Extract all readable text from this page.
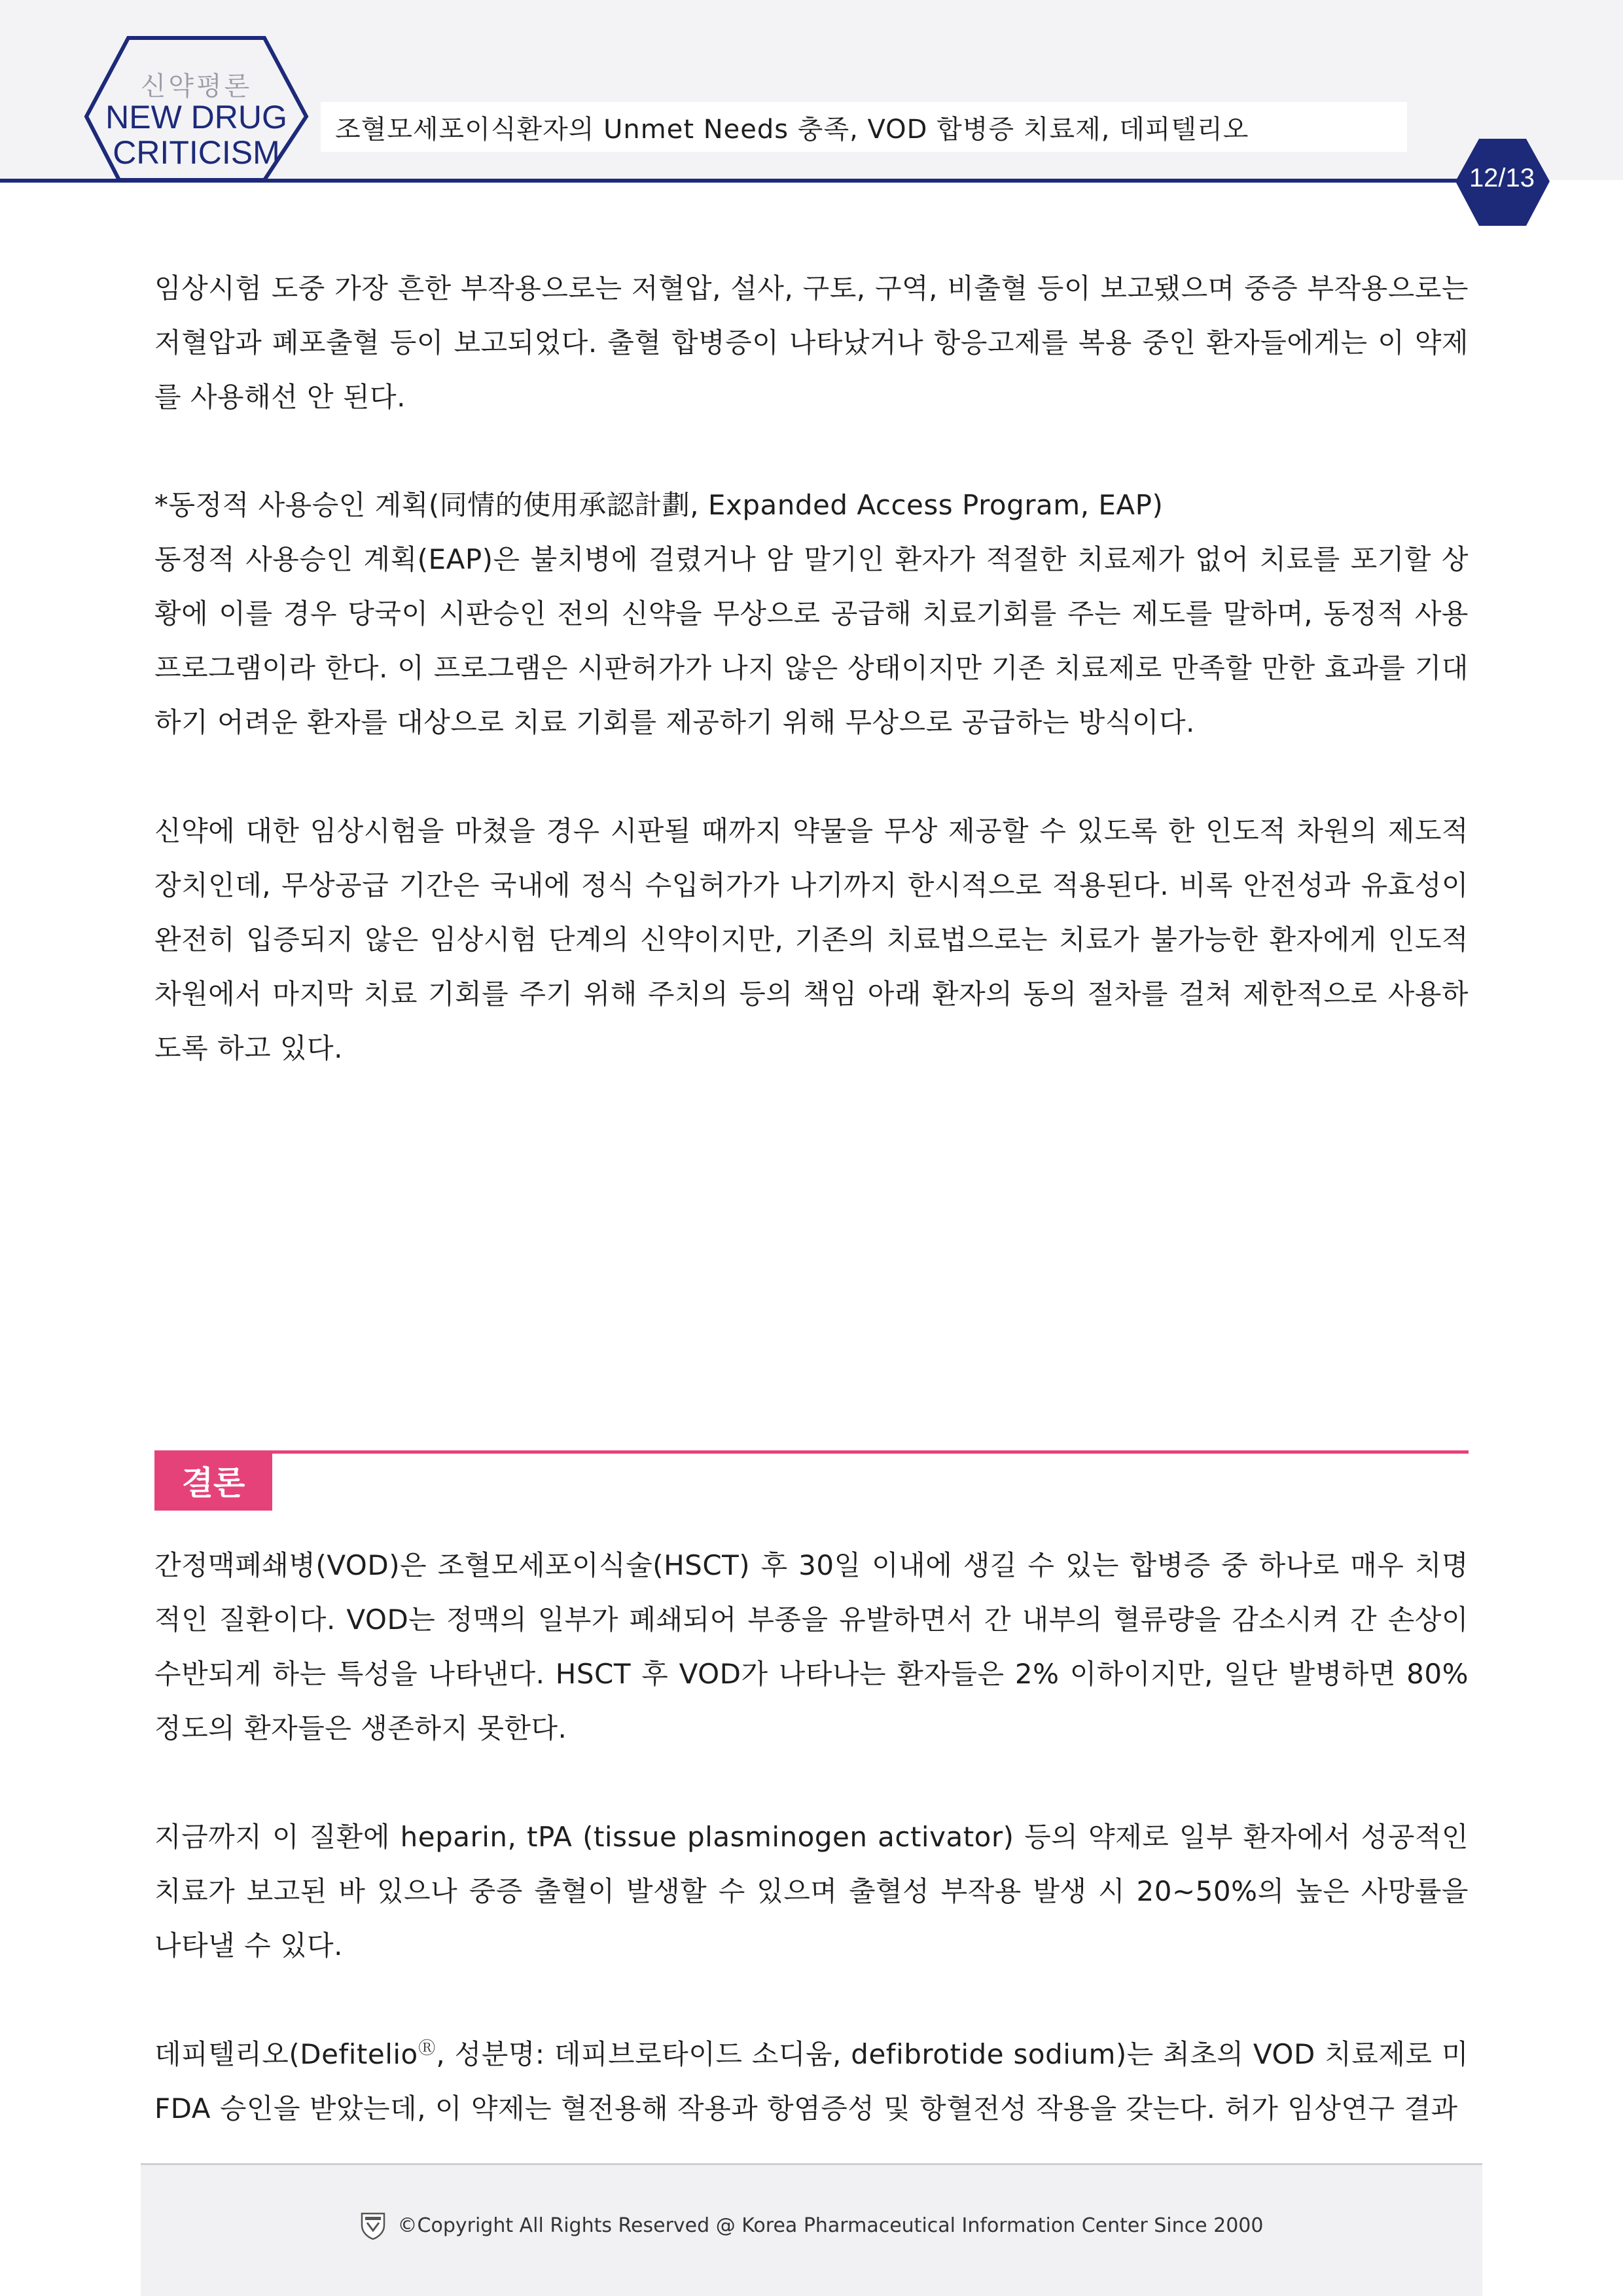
신약평론
NEW DRUG
CRITICISM
조혈모세포이식환자의 Unmet Needs 충족, VOD 합병증 치료제, 데피텔리오
12/13

임상시험 도중 가장 흔한 부작용으로는 저혈압, 설사, 구토, 구역, 비출혈 등이 보고됐으며 중증 부작용으로는 저혈압과 폐포출혈 등이 보고되었다. 출혈 합병증이 나타났거나 항응고제를 복용 중인 환자들에게는 이 약제를 사용해선 안 된다.

*동정적 사용승인 계획(同情的使用承認計劃, Expanded Access Program, EAP)

동정적 사용승인 계획(EAP)은 불치병에 걸렸거나 암 말기인 환자가 적절한 치료제가 없어 치료를 포기할 상황에 이를 경우 당국이 시판승인 전의 신약을 무상으로 공급해 치료기회를 주는 제도를 말하며, 동정적 사용 프로그램이라 한다. 이 프로그램은 시판허가가 나지 않은 상태이지만 기존 치료제로 만족할 만한 효과를 기대하기 어려운 환자를 대상으로 치료 기회를 제공하기 위해 무상으로 공급하는 방식이다.

신약에 대한 임상시험을 마쳤을 경우 시판될 때까지 약물을 무상 제공할 수 있도록 한 인도적 차원의 제도적 장치인데, 무상공급 기간은 국내에 정식 수입허가가 나기까지 한시적으로 적용된다. 비록 안전성과 유효성이 완전히 입증되지 않은 임상시험 단계의 신약이지만, 기존의 치료법으로는 치료가 불가능한 환자에게 인도적 차원에서 마지막 치료 기회를 주기 위해 주치의 등의 책임 아래 환자의 동의 절차를 걸쳐 제한적으로 사용하도록 하고 있다.

결론

간정맥폐쇄병(VOD)은 조혈모세포이식술(HSCT) 후 30일 이내에 생길 수 있는 합병증 중 하나로 매우 치명적인 질환이다. VOD는 정맥의 일부가 폐쇄되어 부종을 유발하면서 간 내부의 혈류량을 감소시켜 간 손상이 수반되게 하는 특성을 나타낸다. HSCT 후 VOD가 나타나는 환자들은 2% 이하이지만, 일단 발병하면 80% 정도의 환자들은 생존하지 못한다.

지금까지 이 질환에 heparin, tPA (tissue plasminogen activator) 등의 약제로 일부 환자에서 성공적인 치료가 보고된 바 있으나 중증 출혈이 발생할 수 있으며 출혈성 부작용 발생 시 20~50%의 높은 사망률을 나타낼 수 있다.

데피텔리오(DefitelioⓇ, 성분명: 데피브로타이드 소디움, defibrotide sodium)는 최초의 VOD 치료제로 미 FDA 승인을 받았는데, 이 약제는 혈전용해 작용과 항염증성 및 항혈전성 작용을 갖는다. 허가 임상연구 결과

©Copyright All Rights Reserved @ Korea Pharmaceutical Information Center Since 2000
